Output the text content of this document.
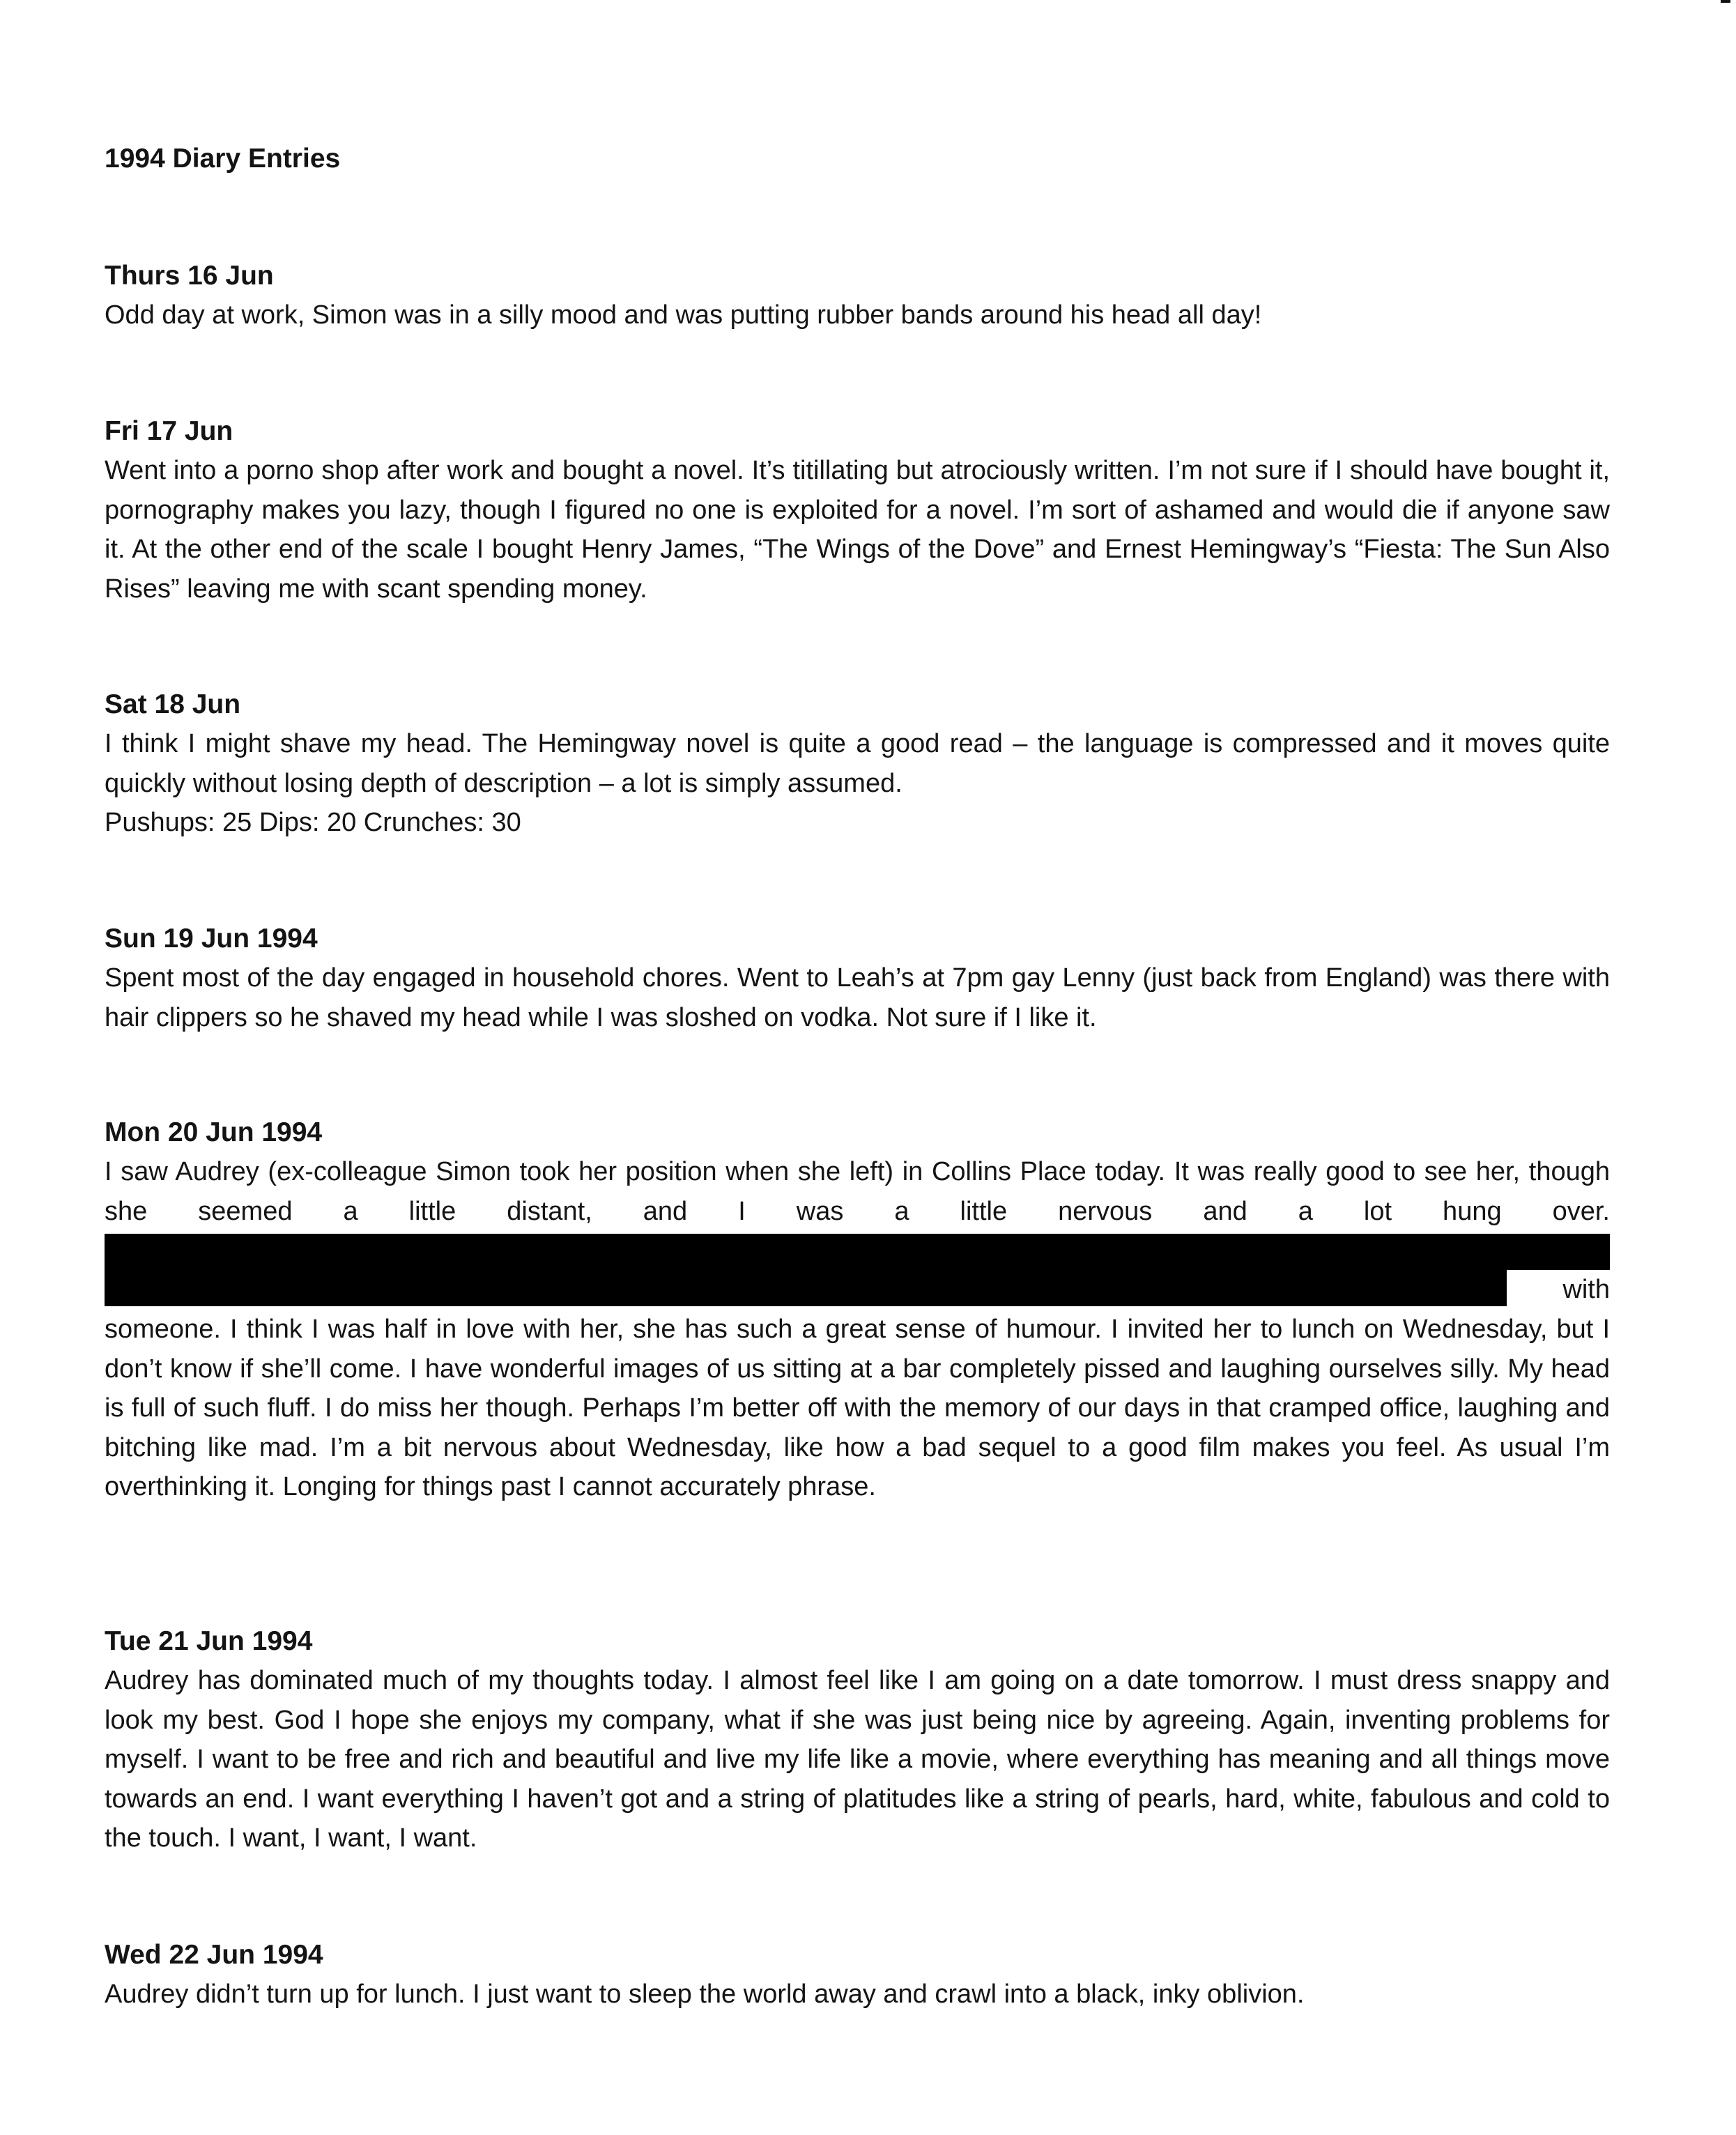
1994 Diary Entries

Thurs 16 Jun

Odd day at work, Simon was in a silly mood and was putting rubber bands around his head all day!

Fri 17 Jun

Went into a porno shop after work and bought a novel. It’s titillating but atrociously written. I’m not sure if I should have bought it, pornography makes you lazy, though I figured no one is exploited for a novel. I’m sort of ashamed and would die if anyone saw it. At the other end of the scale I bought Henry James, “The Wings of the Dove” and Ernest Hemingway’s “Fiesta: The Sun Also Rises” leaving me with scant spending money.

Sat 18 Jun

I think I might shave my head. The Hemingway novel is quite a good read – the language is compressed and it moves quite quickly without losing depth of description – a lot is simply assumed.

Pushups: 25 Dips: 20 Crunches: 30

Sun 19 Jun 1994

Spent most of the day engaged in household chores. Went to Leah’s at 7pm gay Lenny (just back from England) was there with hair clippers so he shaved my head while I was sloshed on vodka. Not sure if I like it.

Mon 20 Jun 1994

I saw Audrey (ex-colleague Simon took her position when she left) in Collins Place today. It was really good to see her, though she seemed a little distant, and I was a little nervous and a lot hung over.

with

someone. I think I was half in love with her, she has such a great sense of humour. I invited her to lunch on Wednesday, but I don’t know if she’ll come. I have wonderful images of us sitting at a bar completely pissed and laughing ourselves silly. My head is full of such fluff. I do miss her though. Perhaps I’m better off with the memory of our days in that cramped office, laughing and bitching like mad. I’m a bit nervous about Wednesday, like how a bad sequel to a good film makes you feel. As usual I’m overthinking it. Longing for things past I cannot accurately phrase.

Tue 21 Jun 1994

Audrey has dominated much of my thoughts today. I almost feel like I am going on a date tomorrow. I must dress snappy and look my best. God I hope she enjoys my company, what if she was just being nice by agreeing. Again, inventing problems for myself. I want to be free and rich and beautiful and live my life like a movie, where everything has meaning and all things move towards an end. I want everything I haven’t got and a string of platitudes like a string of pearls, hard, white, fabulous and cold to the touch. I want, I want, I want.

Wed 22 Jun 1994

Audrey didn’t turn up for lunch. I just want to sleep the world away and crawl into a black, inky oblivion.
